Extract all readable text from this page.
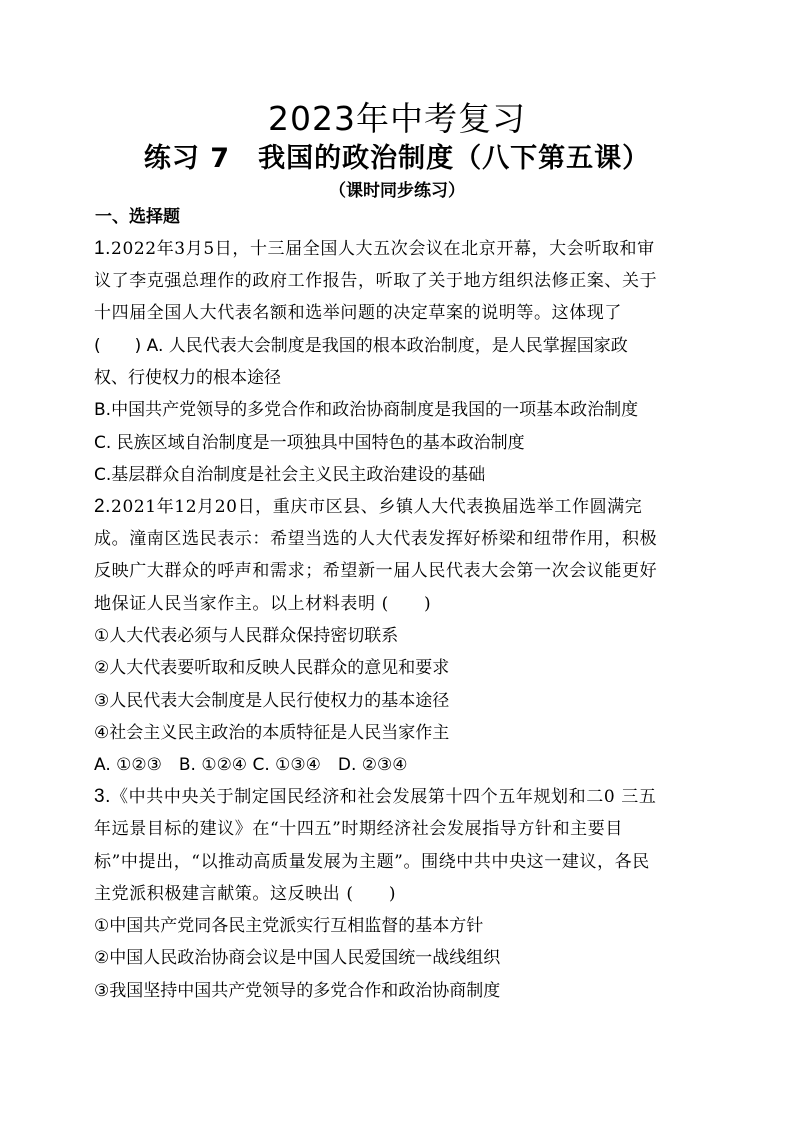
2023年中考复习
练习 7　我国的政治制度（八下第五课）
（课时同步练习）
一、选择题
1.2022年3月5日，十三届全国人大五次会议在北京开幕，大会听取和审
议了李克强总理作的政府工作报告，听取了关于地方组织法修正案、关于
十四届全国人大代表名额和选举问题的决定草案的说明等。这体现了
(　　) A. 人民代表大会制度是我国的根本政治制度，是人民掌握国家政
权、行使权力的根本途径
B.中国共产党领导的多党合作和政治协商制度是我国的一项基本政治制度
C. 民族区域自治制度是一项独具中国特色的基本政治制度
C.基层群众自治制度是社会主义民主政治建设的基础
2.2021年12月20日，重庆市区县、乡镇人大代表换届选举工作圆满完
成。潼南区选民表示：希望当选的人大代表发挥好桥梁和纽带作用，积极
反映广大群众的呼声和需求；希望新一届人民代表大会第一次会议能更好
地保证人民当家作主。以上材料表明 (　　)
①人大代表必须与人民群众保持密切联系
②人大代表要听取和反映人民群众的意见和要求
③人民代表大会制度是人民行使权力的基本途径
④社会主义民主政治的本质特征是人民当家作主
A. ①②③　B. ①②④ C. ①③④　D. ②③④
3.《中共中央关于制定国民经济和社会发展第十四个五年规划和二0 三五
年远景目标的建议》在“十四五”时期经济社会发展指导方针和主要目
标”中提出，“以推动高质量发展为主题”。围绕中共中央这一建议，各民
主党派积极建言献策。这反映出 (　　)
①中国共产党同各民主党派实行互相监督的基本方针
②中国人民政治协商会议是中国人民爱国统一战线组织
③我国坚持中国共产党领导的多党合作和政治协商制度
